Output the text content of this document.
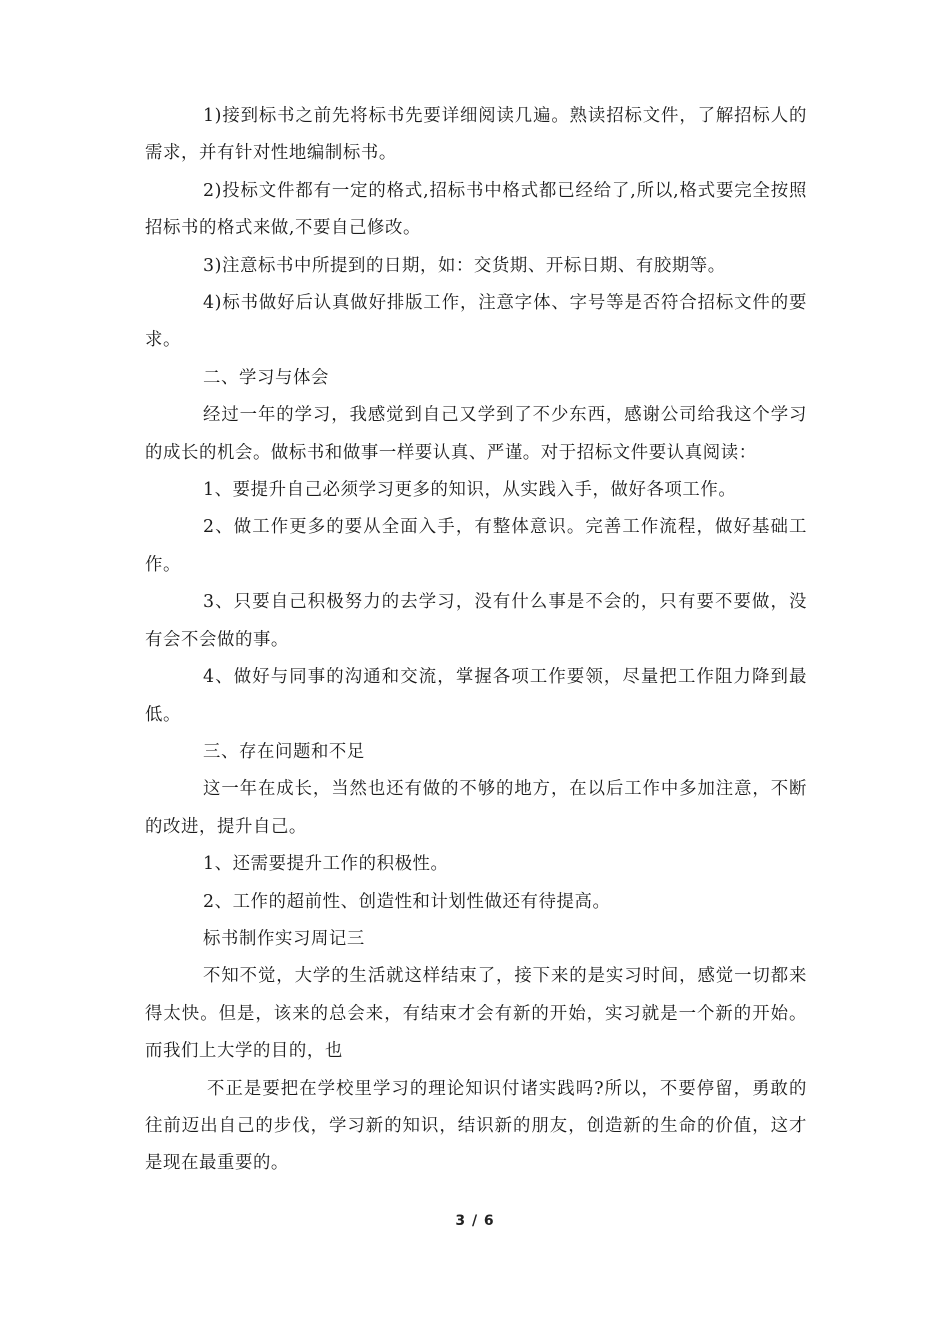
1)接到标书之前先将标书先要详细阅读几遍。熟读招标文件，了解招标人的需求，并有针对性地编制标书。

2)投标文件都有一定的格式,招标书中格式都已经给了,所以,格式要完全按照招标书的格式来做,不要自己修改。

3)注意标书中所提到的日期，如：交货期、开标日期、有胶期等。

4)标书做好后认真做好排版工作，注意字体、字号等是否符合招标文件的要求。

二、学习与体会

经过一年的学习，我感觉到自己又学到了不少东西，感谢公司给我这个学习的成长的机会。做标书和做事一样要认真、严谨。对于招标文件要认真阅读：

1、要提升自己必须学习更多的知识，从实践入手，做好各项工作。

2、做工作更多的要从全面入手，有整体意识。完善工作流程，做好基础工作。

3、只要自己积极努力的去学习，没有什么事是不会的，只有要不要做，没有会不会做的事。

4、做好与同事的沟通和交流，掌握各项工作要领，尽量把工作阻力降到最低。

三、存在问题和不足

这一年在成长，当然也还有做的不够的地方，在以后工作中多加注意，不断的改进，提升自己。

1、还需要提升工作的积极性。

2、工作的超前性、创造性和计划性做还有待提高。

标书制作实习周记三

不知不觉，大学的生活就这样结束了，接下来的是实习时间，感觉一切都来得太快。但是，该来的总会来，有结束才会有新的开始，实习就是一个新的开始。而我们上大学的目的，也

不正是要把在学校里学习的理论知识付诸实践吗?所以，不要停留，勇敢的往前迈出自己的步伐，学习新的知识，结识新的朋友，创造新的生命的价值，这才是现在最重要的。

3 / 6
